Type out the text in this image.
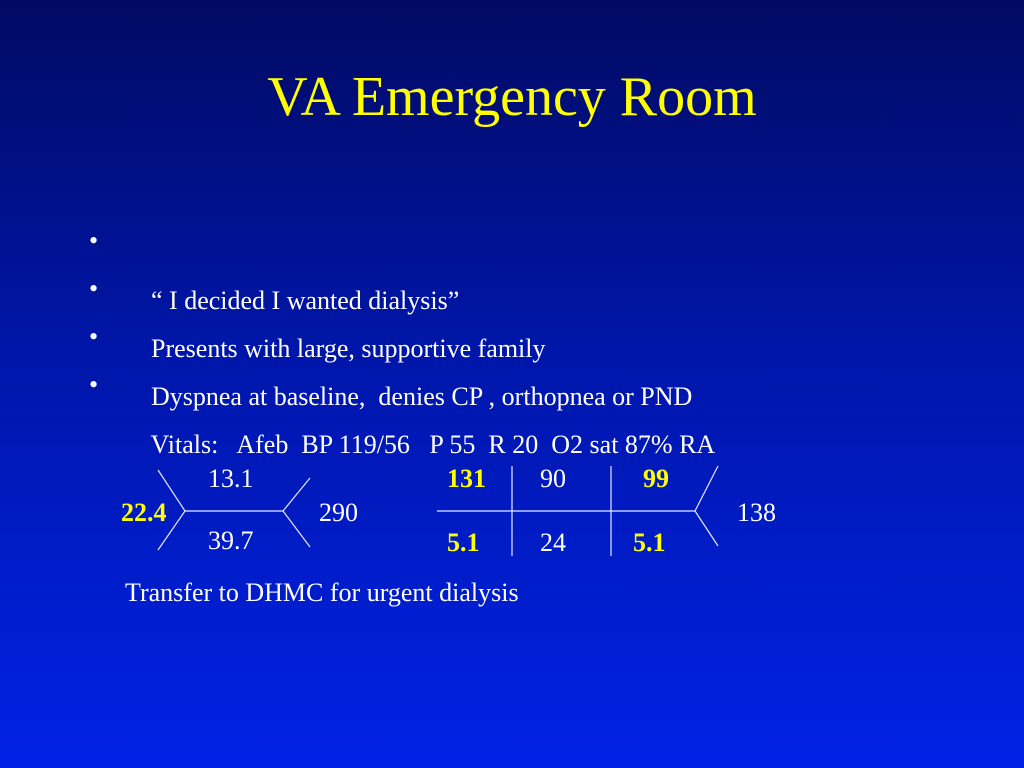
VA Emergency Room

•

“ I decided I wanted dialysis”

•

Presents with large, supportive family

•

Dyspnea at baseline,  denies CP , orthopnea or PND

•

Vitals:   Afeb  BP 119/56   P 55  R 20  O2 sat 87% RA

22.4
13.1
39.7
290
131 90	99
5.1 24	5.1
138
Transfer to DHMC for urgent dialysis
